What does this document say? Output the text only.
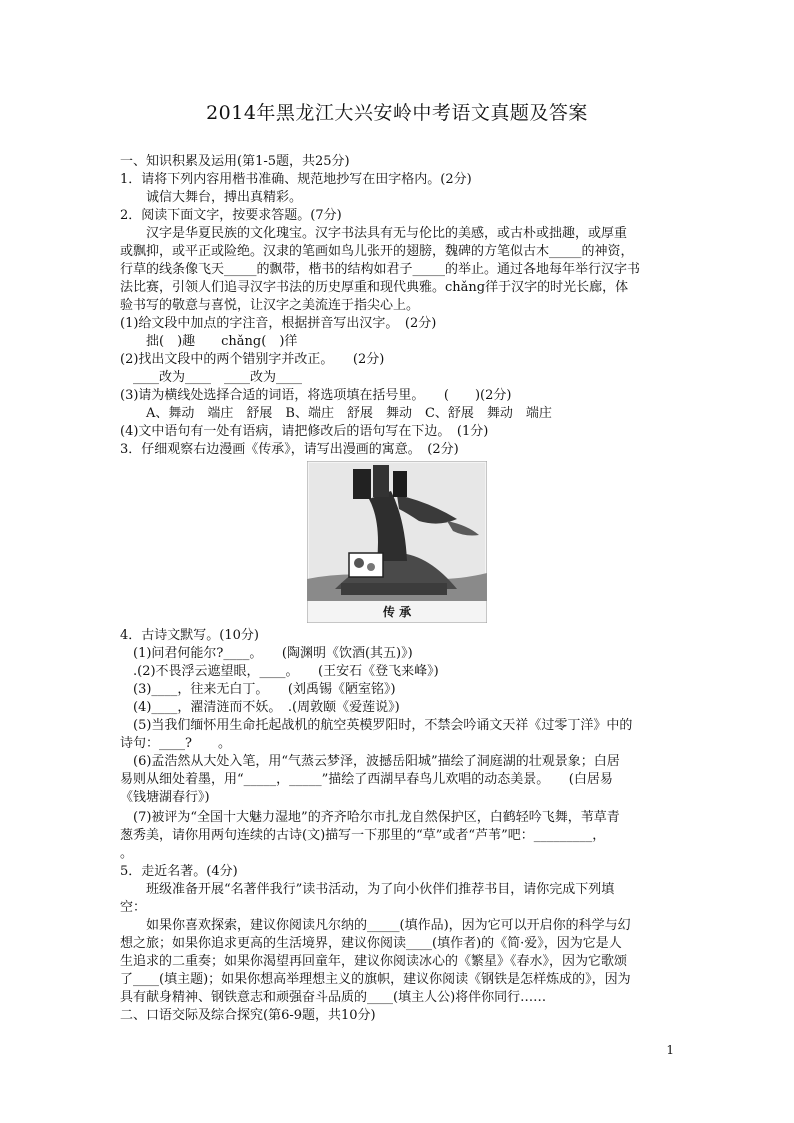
2014年黑龙江大兴安岭中考语文真题及答案
一、知识积累及运用(第1-5题，共25分)
1．请将下列内容用楷书准确、规范地抄写在田字格内。(2分)
　　诚信大舞台，搏出真精彩。
2．阅读下面文字，按要求答题。(7分)
　　汉字是华夏民族的文化瑰宝。汉字书法具有无与伦比的美感，或古朴或拙趣，或厚重
或飘抑，或平正或险绝。汉隶的笔画如鸟儿张开的翅膀，魏碑的方笔似古木_____的神资，
行草的线条像飞天_____的飘带，楷书的结构如君子_____的举止。通过各地每年举行汉字书
法比赛，引领人们追寻汉字书法的历史厚重和现代典雅。chǎng徉于汉字的时光长廊，体
验书写的敬意与喜悦，让汉字之美流连于指尖心上。
(1)给文段中加点的字注音，根据拼音写出汉字。　(2分)
　　拙(　)趣　　chǎng(　)徉
(2)找出文段中的两个错别字并改正。　　(2分)
　____改为____　____改为____
(3)请为横线处选择合适的词语，将选项填在括号里。　　(　　)(2分)
　　A、舞动　端庄　舒展　B、端庄　舒展　舞动　C、舒展　舞动　端庄
(4)文中语句有一处有语病，请把修改后的语句写在下边。　(1分)
3．仔细观察右边漫画《传承》，请写出漫画的寓意。　(2分)
4．古诗文默写。(10分)
　(1)问君何能尔?____。　　(陶渊明《饮酒(其五)》)
　.(2)不畏浮云遮望眼，____。　　(王安石《登飞来峰》)
　(3)____，往来无白丁。　　(刘禹锡《陋室铭》)
　(4)____，濯清涟而不妖。　.(周敦颐《爱莲说》)
　(5)当我们缅怀用生命托起战机的航空英模罗阳时，不禁会吟诵文天祥《过零丁洋》中的
诗句：____?　　。
　(6)孟浩然从大处入笔，用“气蒸云梦泽，波撼岳阳城”描绘了洞庭湖的壮观景象；白居
易则从细处着墨，用“_____，_____”描绘了西湖早春鸟儿欢唱的动态美景。　　(白居易
《钱塘湖春行》)
　(7)被评为“全国十大魅力湿地”的齐齐哈尔市扎龙自然保护区，白鹤轻吟飞舞，苇草青
葱秀美，请你用两句连续的古诗(文)描写一下那里的“草”或者“芦苇”吧：_________，
。
5．走近名著。(4分)
　　班级准备开展“名著伴我行”读书活动，为了向小伙伴们推荐书目，请你完成下列填
空：
　　如果你喜欢探索，建议你阅读凡尔纳的_____(填作品)，因为它可以开启你的科学与幻
想之旅；如果你追求更高的生活境界，建议你阅读____(填作者)的《简·爱》，因为它是人
生追求的二重奏；如果你渴望再回童年，建议你阅读冰心的《繁星》《春水》，因为它歌颂
了____(填主题)；如果你想高举理想主义的旗帜，建议你阅读《钢铁是怎样炼成的》，因为
具有献身精神、钢铁意志和顽强奋斗品质的____(填主人公)将伴你同行……
二、口语交际及综合探究(第6-9题，共10分)
传 承
1
